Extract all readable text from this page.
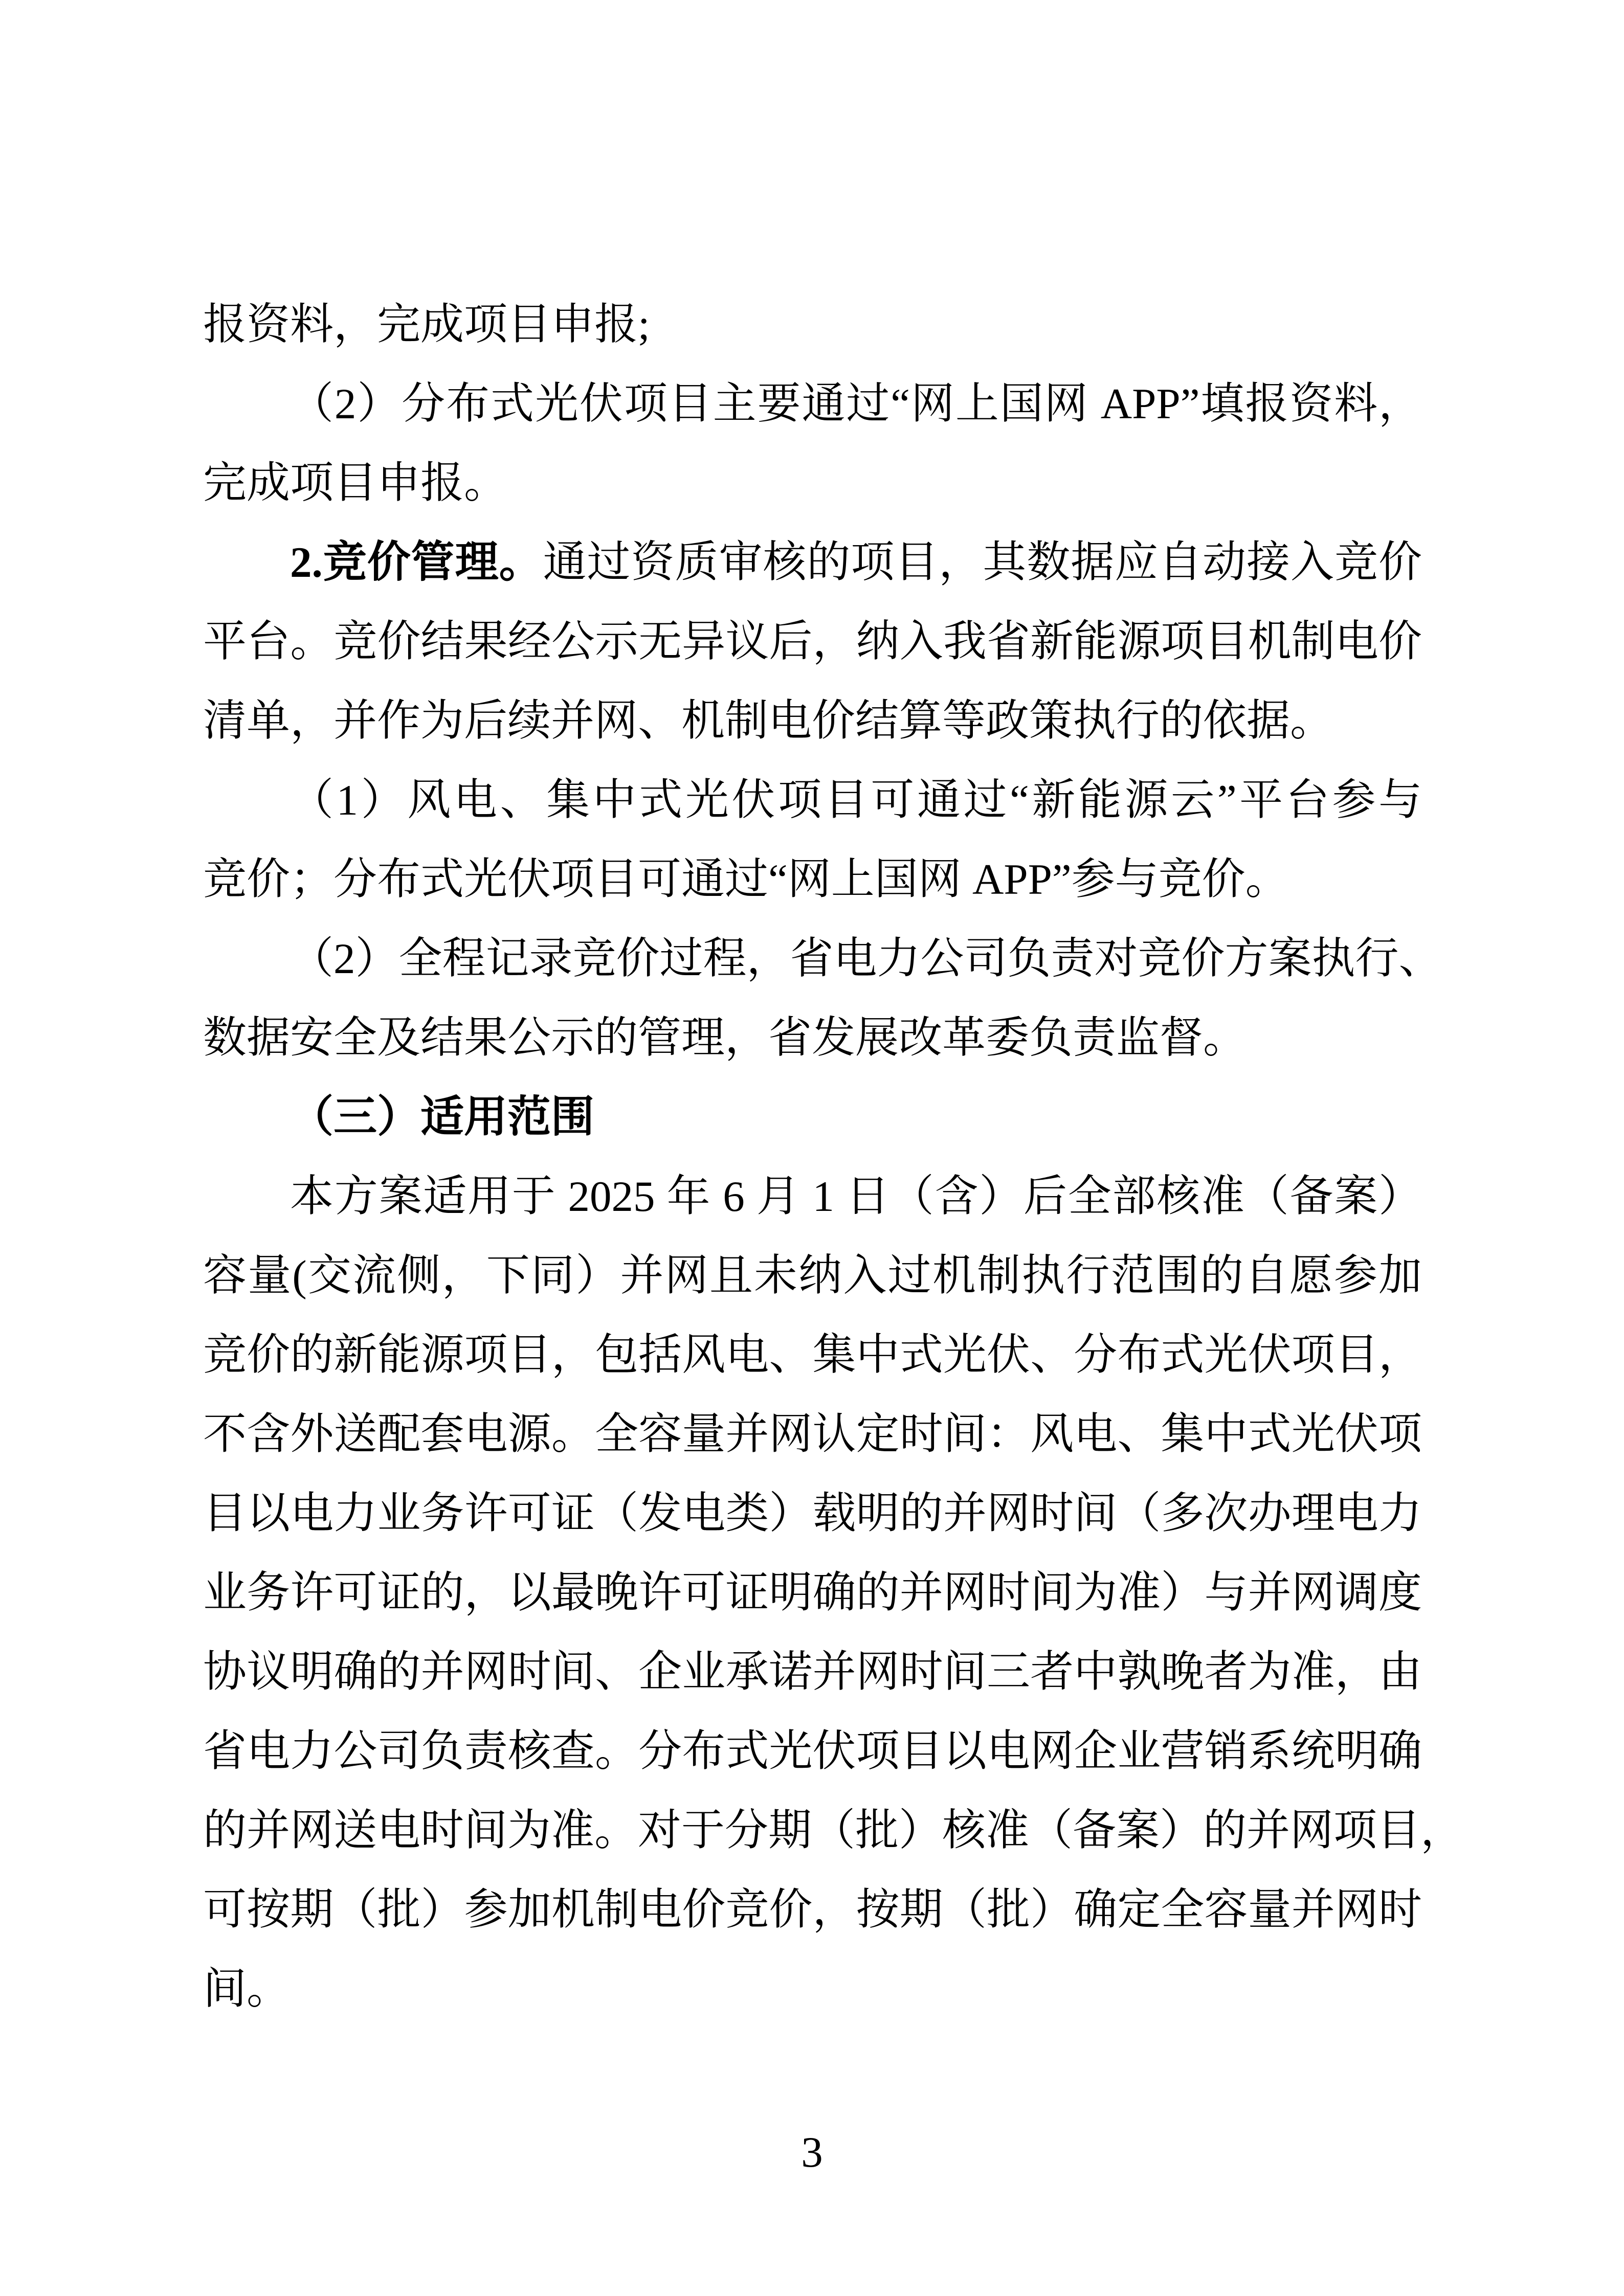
报资料，完成项目申报;
（2）分布式光伏项目主要通过“网上国网 APP”填报资料，
完成项目申报。
2.竞价管理。通过资质审核的项目，其数据应自动接入竞价
平台。竞价结果经公示无异议后，纳入我省新能源项目机制电价
清单，并作为后续并网、机制电价结算等政策执行的依据。
（1）风电、集中式光伏项目可通过“新能源云”平台参与
竞价；分布式光伏项目可通过“网上国网 APP”参与竞价。
（2）全程记录竞价过程，省电力公司负责对竞价方案执行、
数据安全及结果公示的管理，省发展改革委负责监督。
（三）适用范围
本方案适用于 2025 年 6 月 1 日（含）后全部核准（备案）
容量(交流侧，下同）并网且未纳入过机制执行范围的自愿参加
竞价的新能源项目，包括风电、集中式光伏、分布式光伏项目，
不含外送配套电源。全容量并网认定时间：风电、集中式光伏项
目以电力业务许可证（发电类）载明的并网时间（多次办理电力
业务许可证的，以最晚许可证明确的并网时间为准）与并网调度
协议明确的并网时间、企业承诺并网时间三者中孰晚者为准，由
省电力公司负责核查。分布式光伏项目以电网企业营销系统明确
的并网送电时间为准。对于分期（批）核准（备案）的并网项目，
可按期（批）参加机制电价竞价，按期（批）确定全容量并网时
间。
3
